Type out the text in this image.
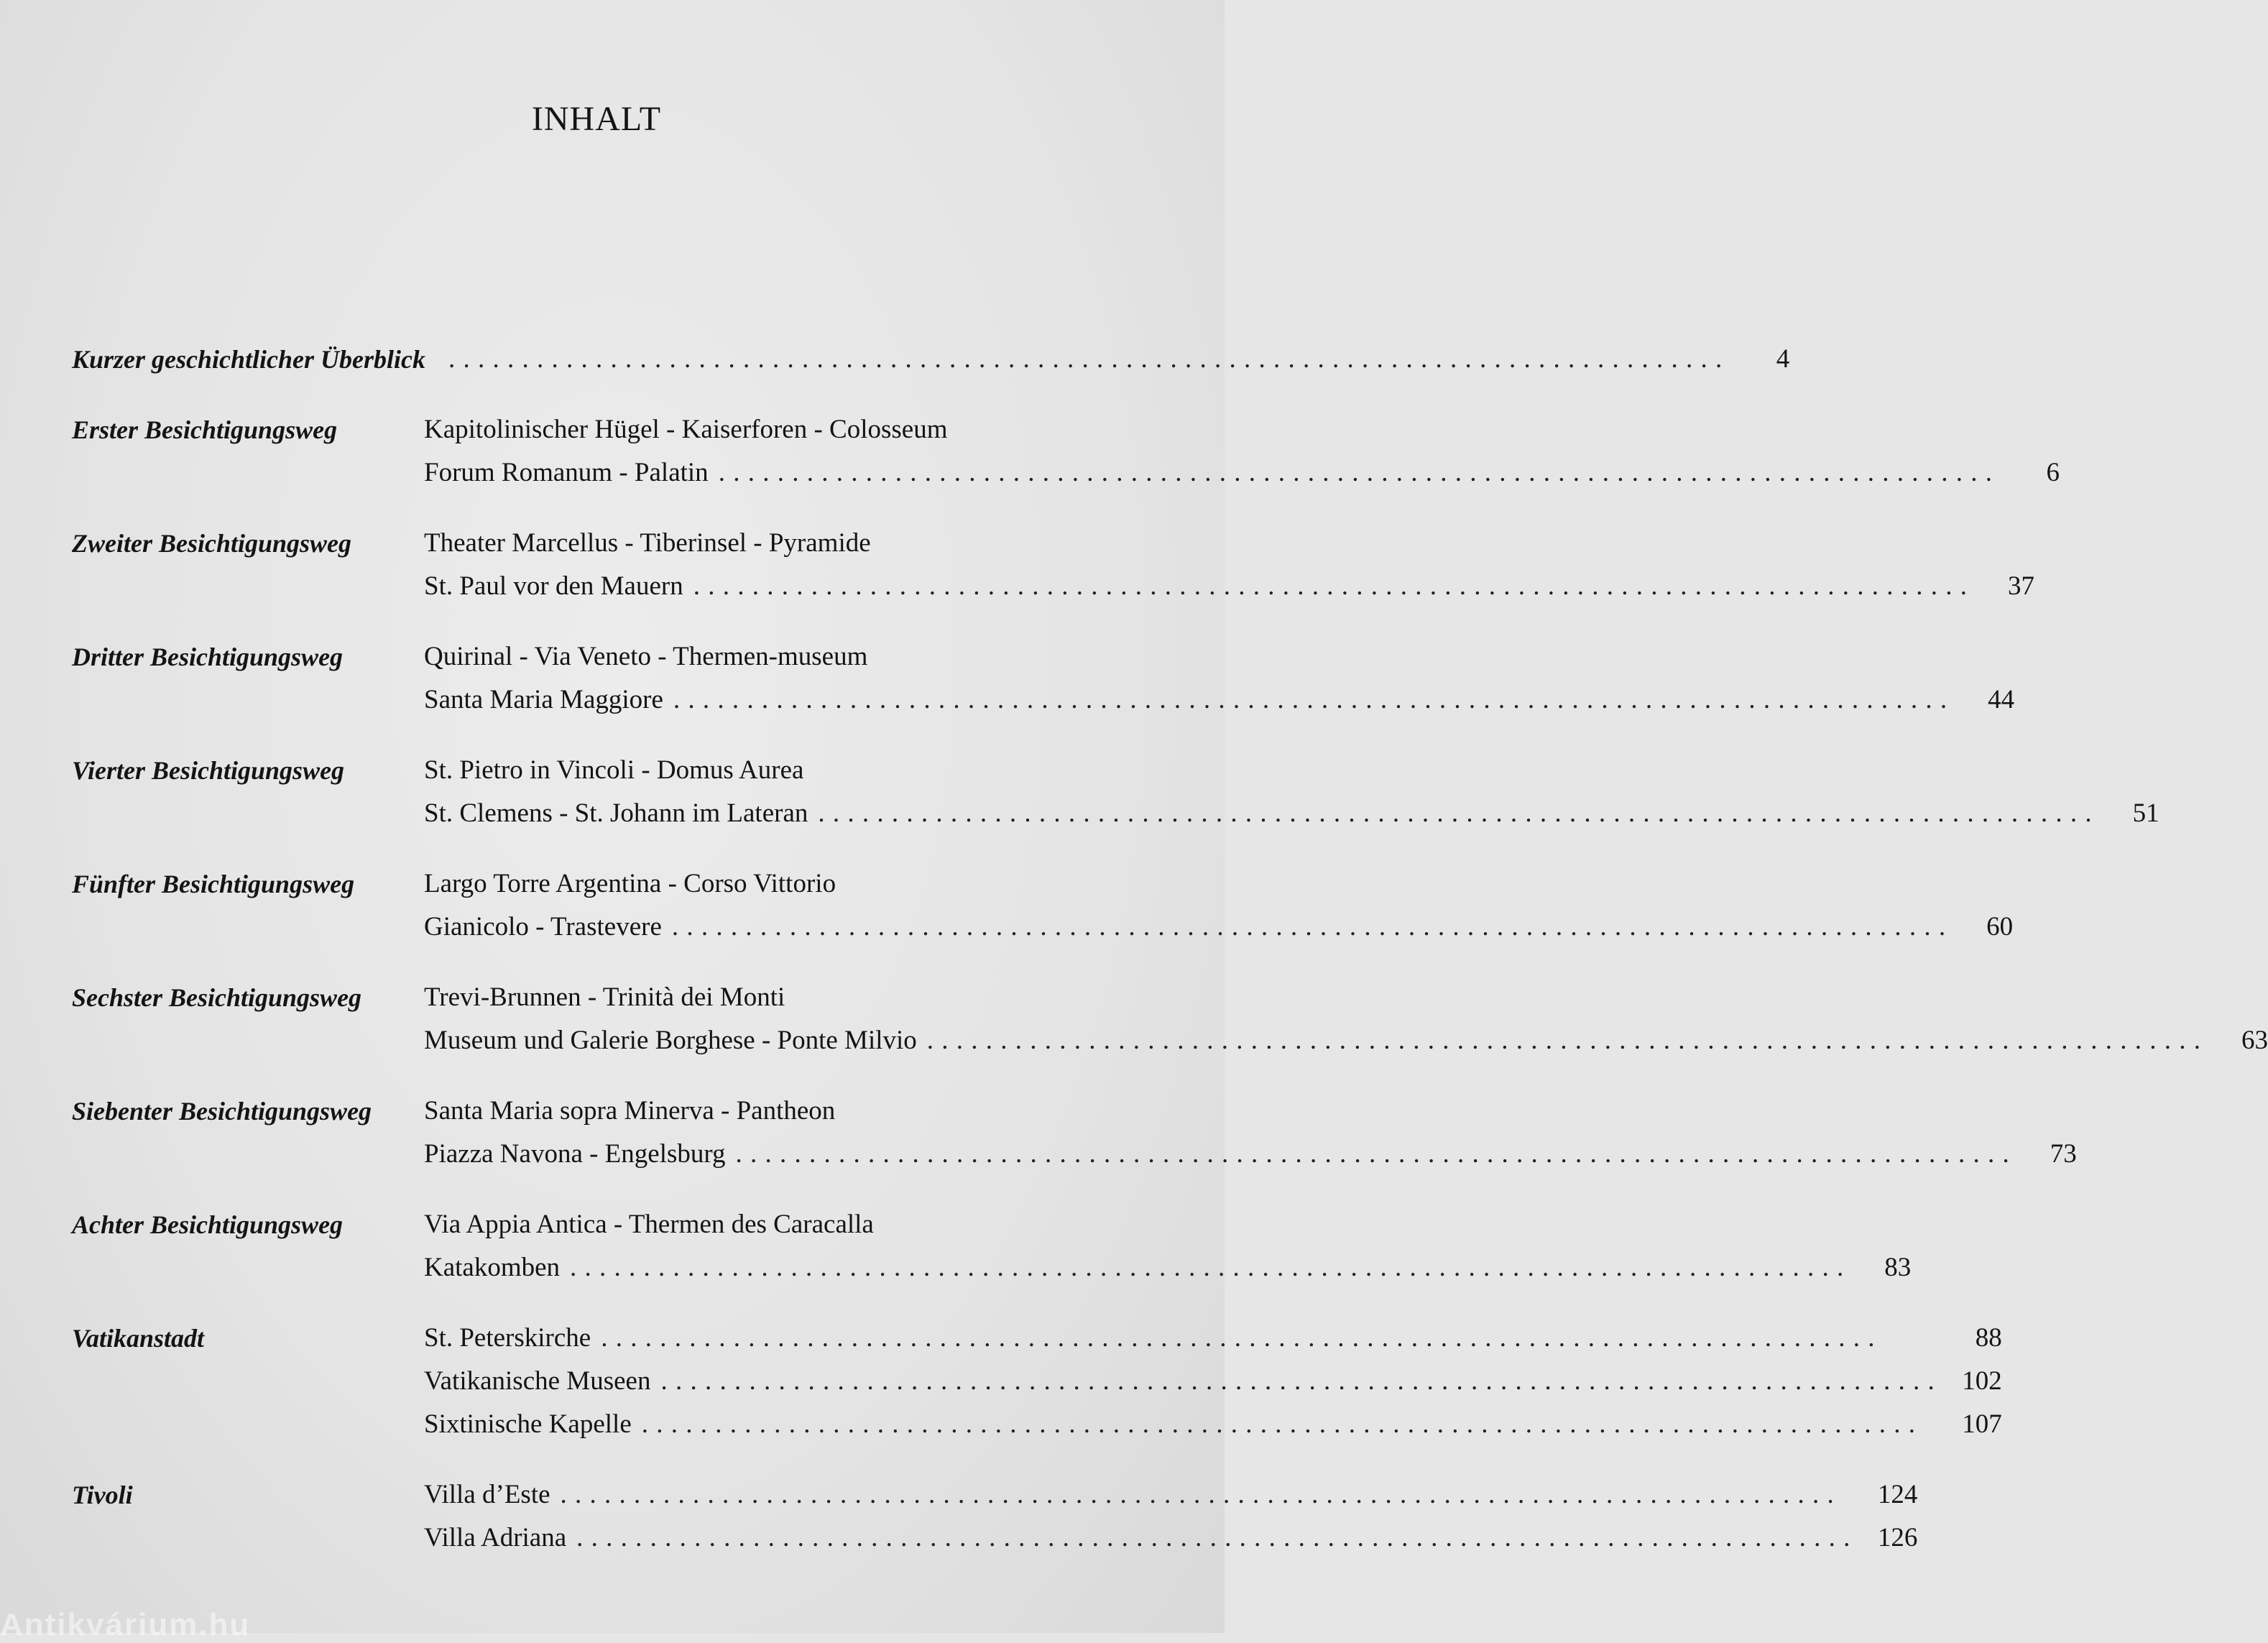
INHALT
Kurzer geschichtlicher Überblick . . .	4
Erster Besichtigungsweg	Kapitolinischer Hügel - Kaiserforen - Colosseum
Forum Romanum - Palatin . . .	6
Zweiter Besichtigungsweg	Theater Marcellus - Tiberinsel - Pyramide
St. Paul vor den Mauern . . .	37
Dritter Besichtigungsweg	Quirinal - Via Veneto - Thermen-museum
Santa Maria Maggiore . . .	44
Vierter Besichtigungsweg	St. Pietro in Vincoli - Domus Aurea
St. Clemens - St. Johann im Lateran . . .	51
Fünfter Besichtigungsweg	Largo Torre Argentina - Corso Vittorio
Gianicolo - Trastevere . . .	60
Sechster Besichtigungsweg	Trevi-Brunnen - Trinità dei Monti
Museum und Galerie Borghese - Ponte Milvio . . .	63
Siebenter Besichtigungsweg	Santa Maria sopra Minerva - Pantheon
Piazza Navona - Engelsburg . . .	73
Achter Besichtigungsweg	Via Appia Antica - Thermen des Caracalla
Katakomben . . .	83
Vatikanstadt	St. Peterskirche . . .	88
Vatikanische Museen . . .	102
Sixtinische Kapelle . . .	107
Tivoli	Villa d’Este . . .	124
Villa Adriana . . .	126
Antikvárium.hu
